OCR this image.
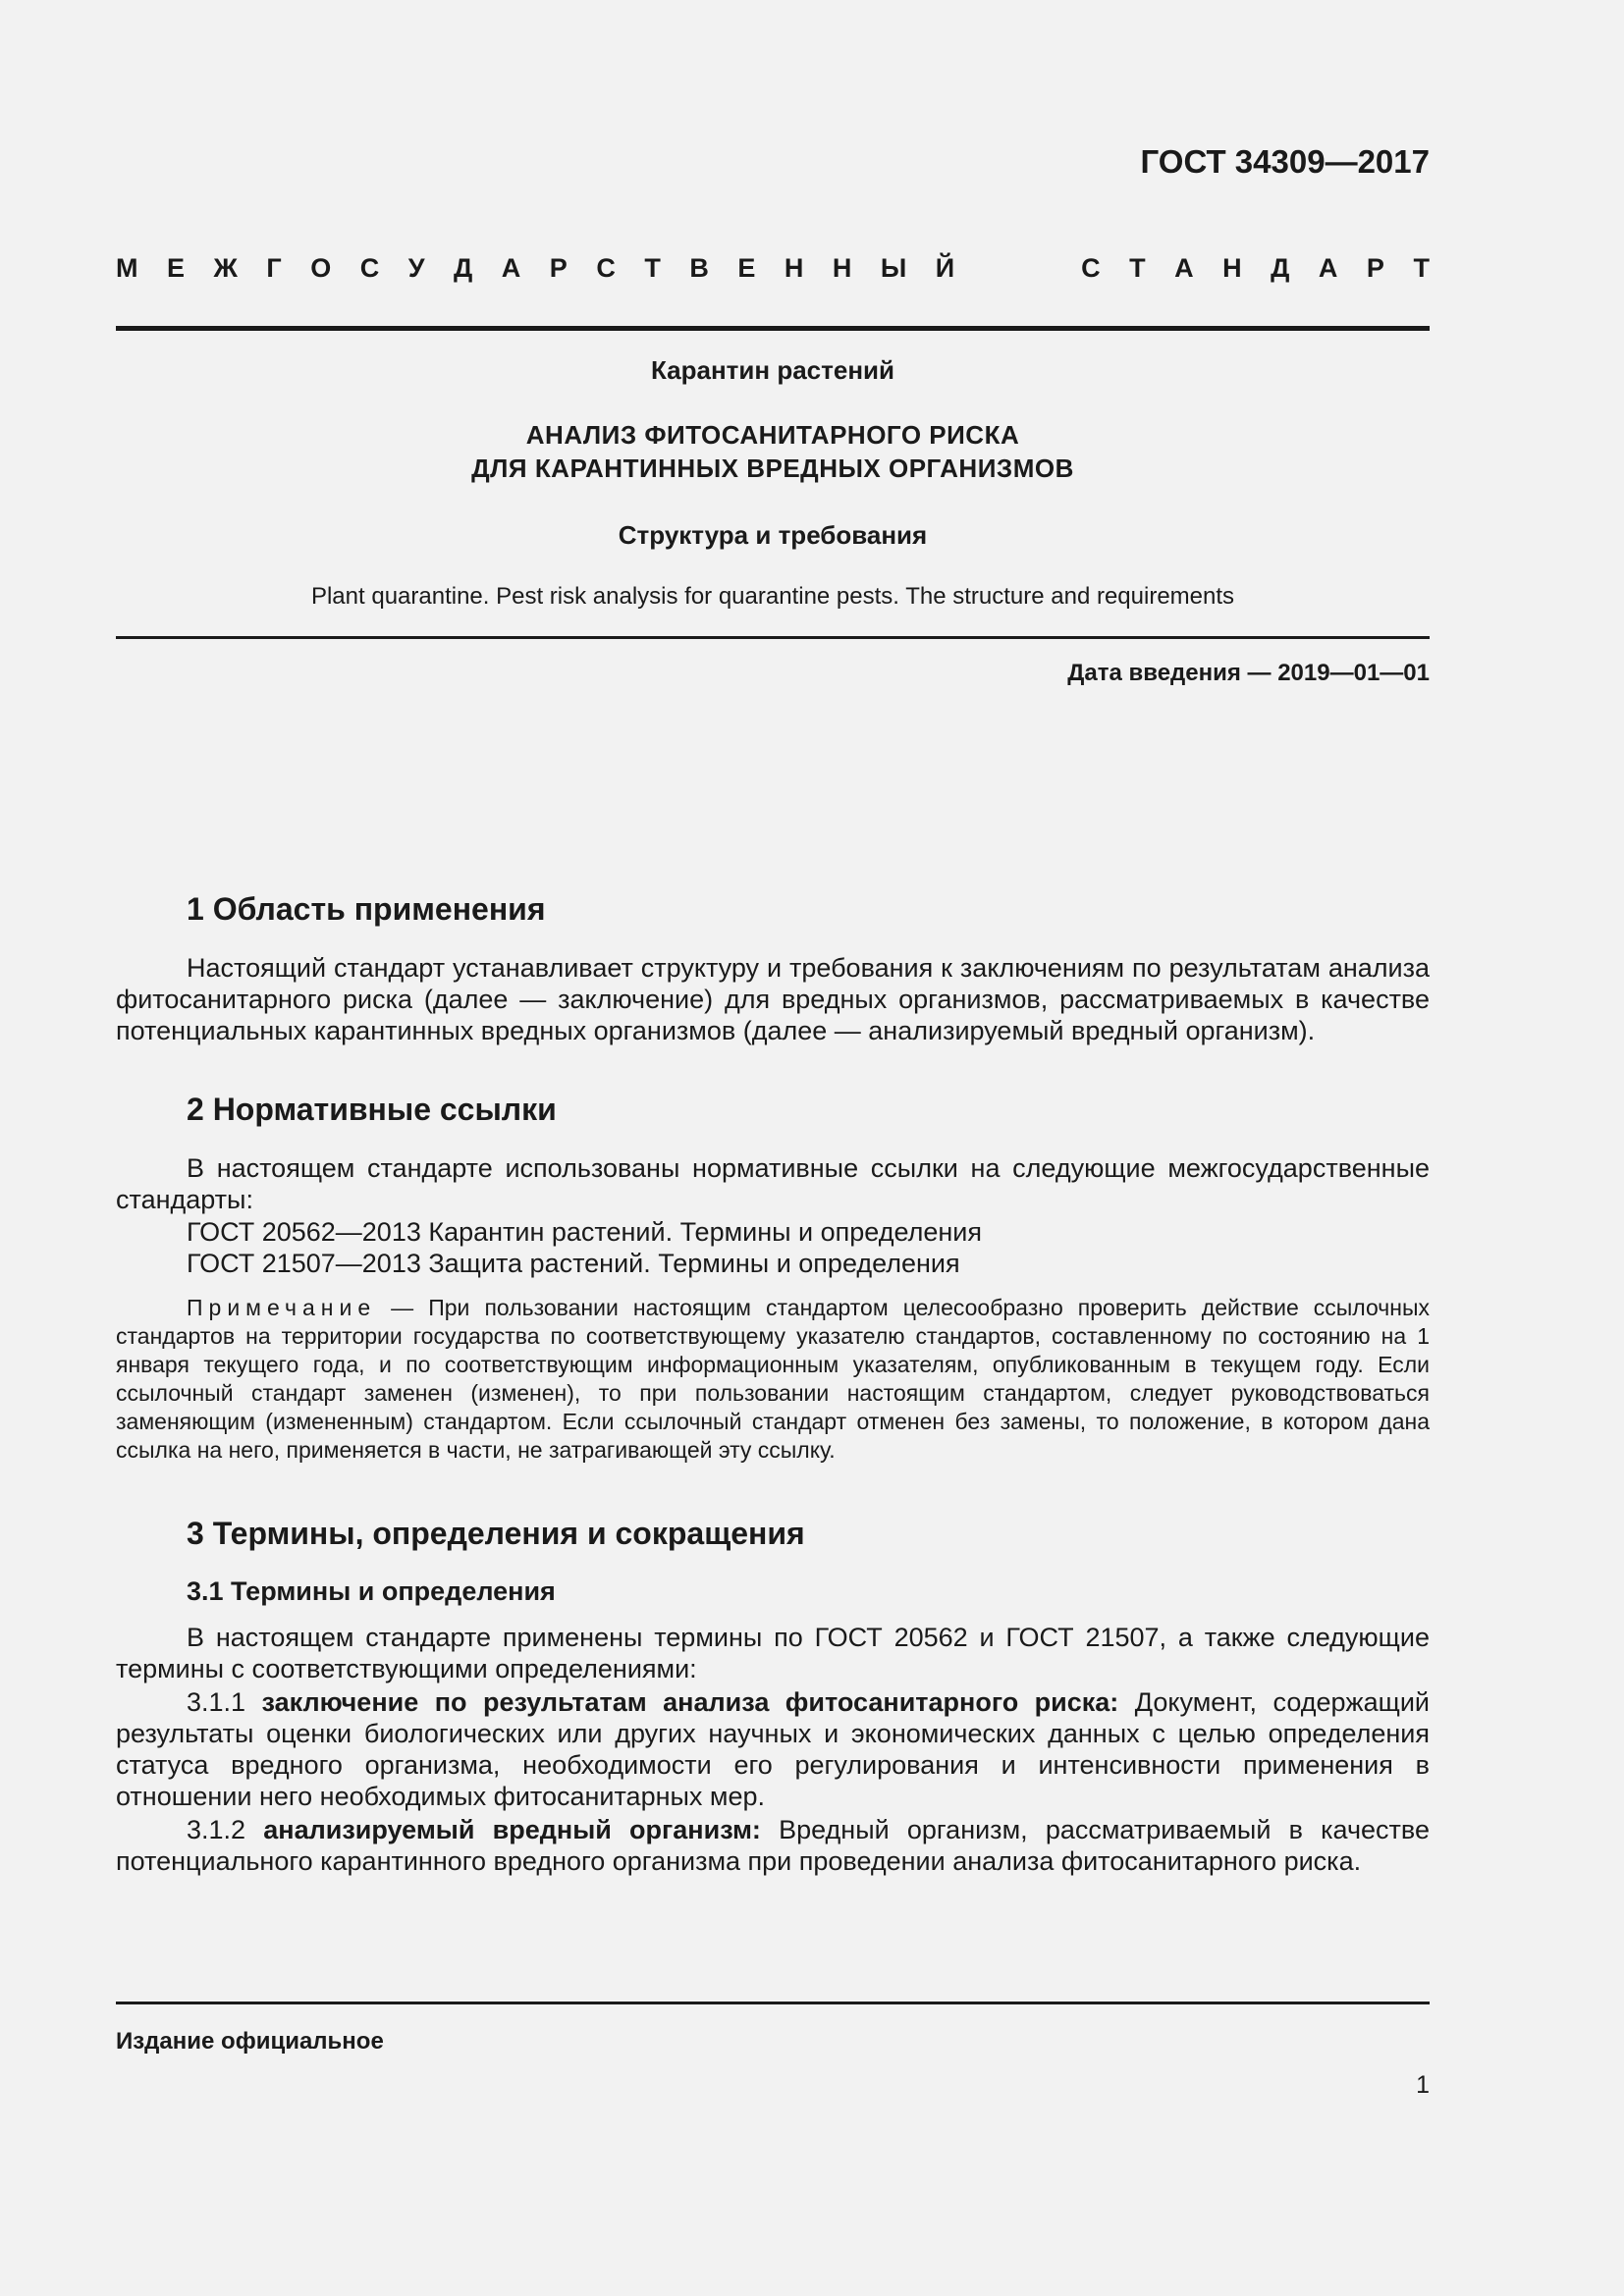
ГОСТ 34309—2017
М Е Ж Г О С У Д А Р С Т В Е Н Н Ы Й	С Т А Н Д А Р Т
Карантин растений
АНАЛИЗ ФИТОСАНИТАРНОГО РИСКА
ДЛЯ КАРАНТИННЫХ ВРЕДНЫХ ОРГАНИЗМОВ
Структура и требования
Plant quarantine. Pest risk analysis for quarantine pests. The structure and requirements
Дата введения — 2019—01—01
1 Область применения
Настоящий стандарт устанавливает структуру и требования к заключениям по результатам анализа фитосанитарного риска (далее — заключение) для вредных организмов, рассматриваемых в качестве потенциальных карантинных вредных организмов (далее — анализируемый вредный организм).
2 Нормативные ссылки
В настоящем стандарте использованы нормативные ссылки на следующие межгосударственные стандарты:
ГОСТ 20562—2013 Карантин растений. Термины и определения
ГОСТ 21507—2013 Защита растений. Термины и определения
Примечание — При пользовании настоящим стандартом целесообразно проверить действие ссылочных стандартов на территории государства по соответствующему указателю стандартов, составленному по состоянию на 1 января текущего года, и по соответствующим информационным указателям, опубликованным в текущем году. Если ссылочный стандарт заменен (изменен), то при пользовании настоящим стандартом, следует руководствоваться заменяющим (измененным) стандартом. Если ссылочный стандарт отменен без замены, то положение, в котором дана ссылка на него, применяется в части, не затрагивающей эту ссылку.
3 Термины, определения и сокращения
3.1 Термины и определения
В настоящем стандарте применены термины по ГОСТ 20562 и ГОСТ 21507, а также следующие термины с соответствующими определениями:
3.1.1 заключение по результатам анализа фитосанитарного риска: Документ, содержащий результаты оценки биологических или других научных и экономических данных с целью определения статуса вредного организма, необходимости его регулирования и интенсивности применения в отношении него необходимых фитосанитарных мер.
3.1.2 анализируемый вредный организм: Вредный организм, рассматриваемый в качестве потенциального карантинного вредного организма при проведении анализа фитосанитарного риска.
Издание официальное
1
